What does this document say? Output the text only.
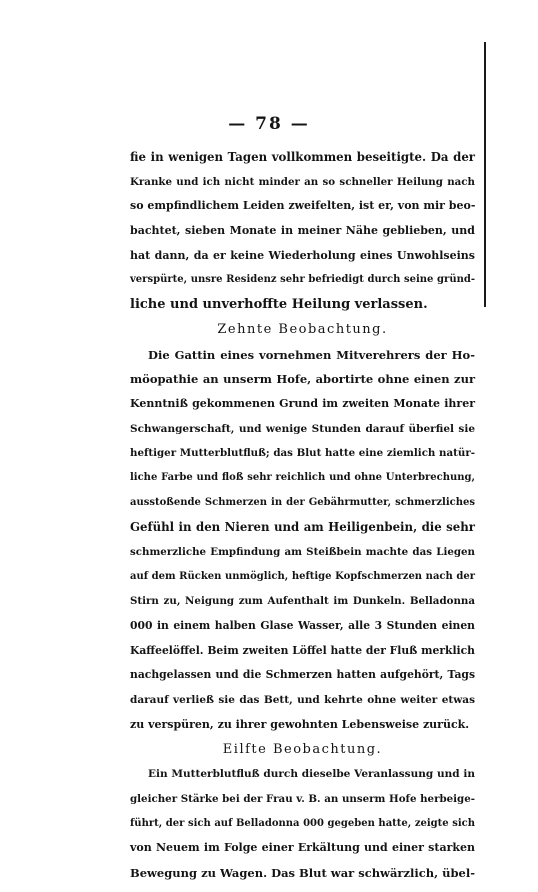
— 78 —
fie in wenigen Tagen vollkommen beseitigte. Da der
Kranke und ich nicht minder an so schneller Heilung nach
so empfindlichem Leiden zweifelten, ist er, von mir beo-
bachtet, sieben Monate in meiner Nähe geblieben, und
hat dann, da er keine Wiederholung eines Unwohlseins
verspürte, unsre Residenz sehr befriedigt durch seine gründ-
liche und unverhoffte Heilung verlassen.
Zehnte Beobachtung.
Die Gattin eines vornehmen Mitverehrers der Ho-
möopathie an unserm Hofe, abortirte ohne einen zur
Kenntniß gekommenen Grund im zweiten Monate ihrer
Schwangerschaft, und wenige Stunden darauf überfiel sie
heftiger Mutterblutfluß; das Blut hatte eine ziemlich natür-
liche Farbe und floß sehr reichlich und ohne Unterbrechung,
ausstoßende Schmerzen in der Gebährmutter, schmerzliches
Gefühl in den Nieren und am Heiligenbein, die sehr
schmerzliche Empfindung am Steißbein machte das Liegen
auf dem Rücken unmöglich, heftige Kopfschmerzen nach der
Stirn zu, Neigung zum Aufenthalt im Dunkeln. Belladonna
000 in einem halben Glase Wasser, alle 3 Stunden einen
Kaffeelöffel. Beim zweiten Löffel hatte der Fluß merklich
nachgelassen und die Schmerzen hatten aufgehört, Tags
darauf verließ sie das Bett, und kehrte ohne weiter etwas
zu verspüren, zu ihrer gewohnten Lebensweise zurück.
Eilfte Beobachtung.
Ein Mutterblutfluß durch dieselbe Veranlassung und in
gleicher Stärke bei der Frau v. B. an unserm Hofe herbeige-
führt, der sich auf Belladonna 000 gegeben hatte, zeigte sich
von Neuem im Folge einer Erkältung und einer starken
Bewegung zu Wagen. Das Blut war schwärzlich, übel-
